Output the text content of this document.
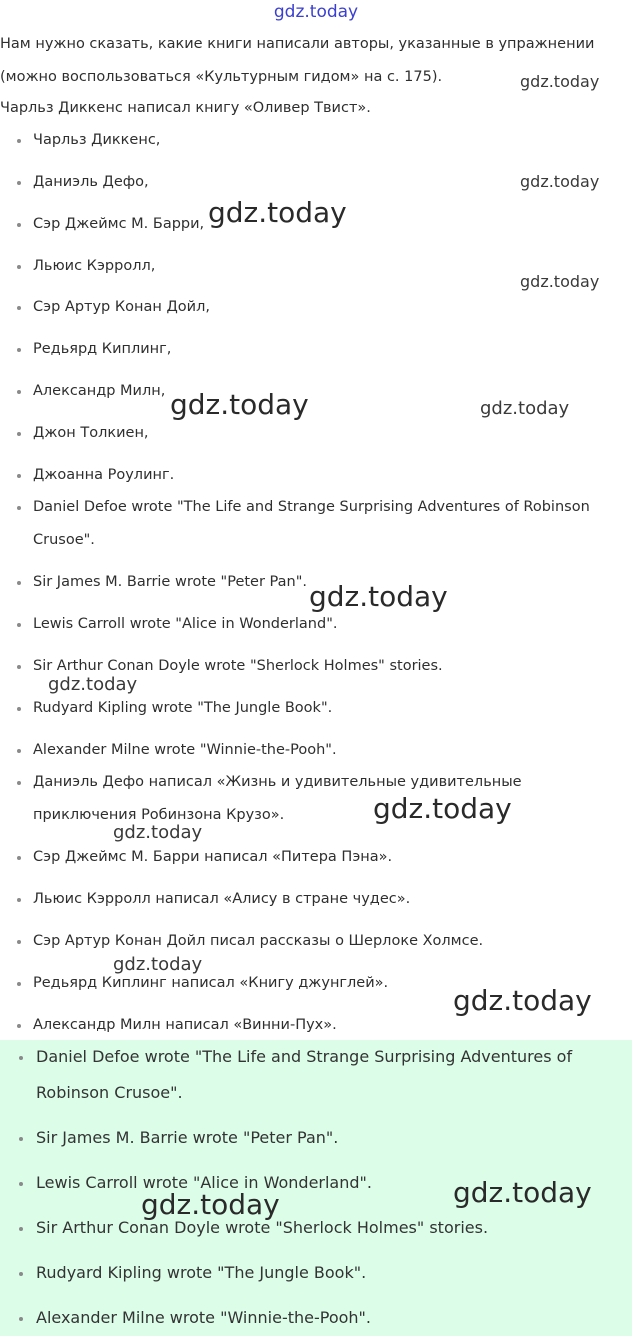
gdz.today
Нам нужно сказать, какие книги написали авторы, указанные в упражнении
(можно воспользоваться «Культурным гидом» на с. 175).
Чарльз Диккенс написал книгу «Оливер Твист».
Чарльз Диккенс,
Даниэль Дефо,
Сэр Джеймс М. Барри,
Льюис Кэрролл,
Сэр Артур Конан Дойл,
Редьярд Киплинг,
Александр Милн,
Джон Толкиен,
Джоанна Роулинг.
Daniel Defoe wrote "The Life and Strange Surprising Adventures of Robinson
Crusoe".
Sir James M. Barrie wrote "Peter Pan".
Lewis Carroll wrote "Alice in Wonderland".
Sir Arthur Conan Doyle wrote "Sherlock Holmes" stories.
Rudyard Kipling wrote "The Jungle Book".
Alexander Milne wrote "Winnie-the-Pooh".
Даниэль Дефо написал «Жизнь и удивительные удивительные
приключения Робинзона Крузо».
Сэр Джеймс М. Барри написал «Питера Пэна».
Льюис Кэрролл написал «Алису в стране чудес».
Сэр Артур Конан Дойл писал рассказы о Шерлоке Холмсе.
Редьярд Киплинг написал «Книгу джунглей».
Александр Милн написал «Винни-Пух».
Daniel Defoe wrote "The Life and Strange Surprising Adventures of
Robinson Crusoe".
Sir James M. Barrie wrote "Peter Pan".
Lewis Carroll wrote "Alice in Wonderland".
Sir Arthur Conan Doyle wrote "Sherlock Holmes" stories.
Rudyard Kipling wrote "The Jungle Book".
Alexander Milne wrote "Winnie-the-Pooh".
gdz.today
gdz.today
gdz.today
gdz.today
gdz.today	gdz.today
gdz.today
gdz.today
gdz.today
gdz.today
gdz.today
gdz.today
gdz.today
gdz.today
